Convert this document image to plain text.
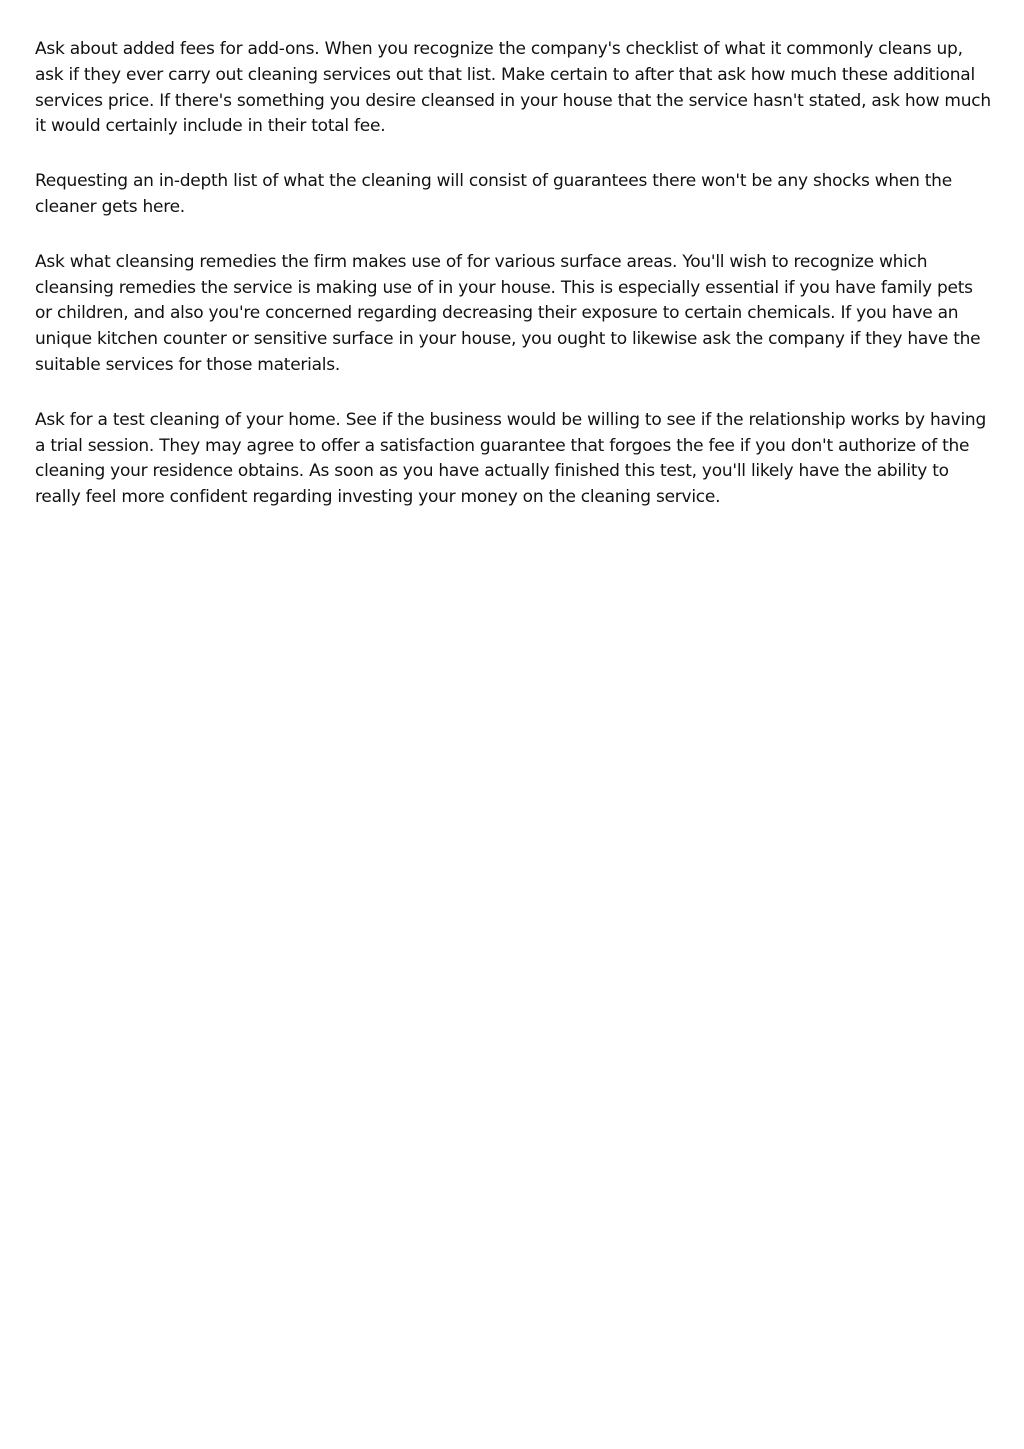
Ask about added fees for add-ons. When you recognize the company's checklist of what it commonly cleans up, ask if they ever carry out cleaning services out that list. Make certain to after that ask how much these additional services price. If there's something you desire cleansed in your house that the service hasn't stated, ask how much it would certainly include in their total fee.

Requesting an in-depth list of what the cleaning will consist of guarantees there won't be any shocks when the cleaner gets here.

Ask what cleansing remedies the firm makes use of for various surface areas. You'll wish to recognize which cleansing remedies the service is making use of in your house. This is especially essential if you have family pets or children, and also you're concerned regarding decreasing their exposure to certain chemicals. If you have an unique kitchen counter or sensitive surface in your house, you ought to likewise ask the company if they have the suitable services for those materials.

Ask for a test cleaning of your home. See if the business would be willing to see if the relationship works by having a trial session. They may agree to offer a satisfaction guarantee that forgoes the fee if you don't authorize of the cleaning your residence obtains. As soon as you have actually finished this test, you'll likely have the ability to really feel more confident regarding investing your money on the cleaning service.
